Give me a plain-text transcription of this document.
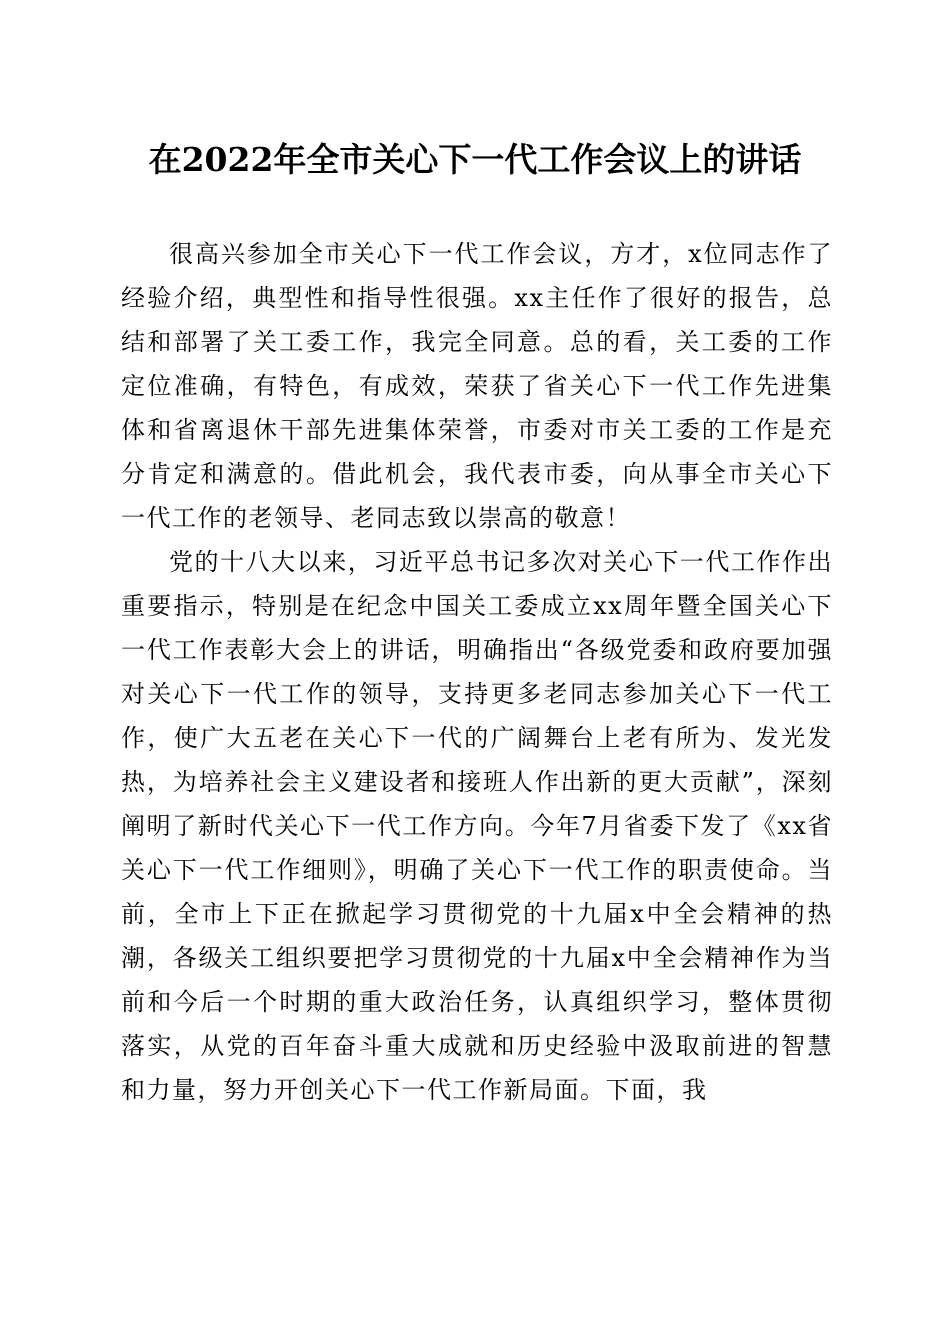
在2022年全市关心下一代工作会议上的讲话

很高兴参加全市关心下一代工作会议，方才，x位同志作了经验介绍，典型性和指导性很强。xx主任作了很好的报告，总结和部署了关工委工作，我完全同意。总的看，关工委的工作定位准确，有特色，有成效，荣获了省关心下一代工作先进集体和省离退休干部先进集体荣誉，市委对市关工委的工作是充分肯定和满意的。借此机会，我代表市委，向从事全市关心下一代工作的老领导、老同志致以崇高的敬意！

党的十八大以来，习近平总书记多次对关心下一代工作作出重要指示，特别是在纪念中国关工委成立xx周年暨全国关心下一代工作表彰大会上的讲话，明确指出“各级党委和政府要加强对关心下一代工作的领导，支持更多老同志参加关心下一代工作，使广大五老在关心下一代的广阔舞台上老有所为、发光发热，为培养社会主义建设者和接班人作出新的更大贡献”，深刻阐明了新时代关心下一代工作方向。今年7月省委下发了《xx省关心下一代工作细则》，明确了关心下一代工作的职责使命。当前，全市上下正在掀起学习贯彻党的十九届x中全会精神的热潮，各级关工组织要把学习贯彻党的十九届x中全会精神作为当前和今后一个时期的重大政治任务，认真组织学习，整体贯彻落实，从党的百年奋斗重大成就和历史经验中汲取前进的智慧和力量，努力开创关心下一代工作新局面。下面，我
